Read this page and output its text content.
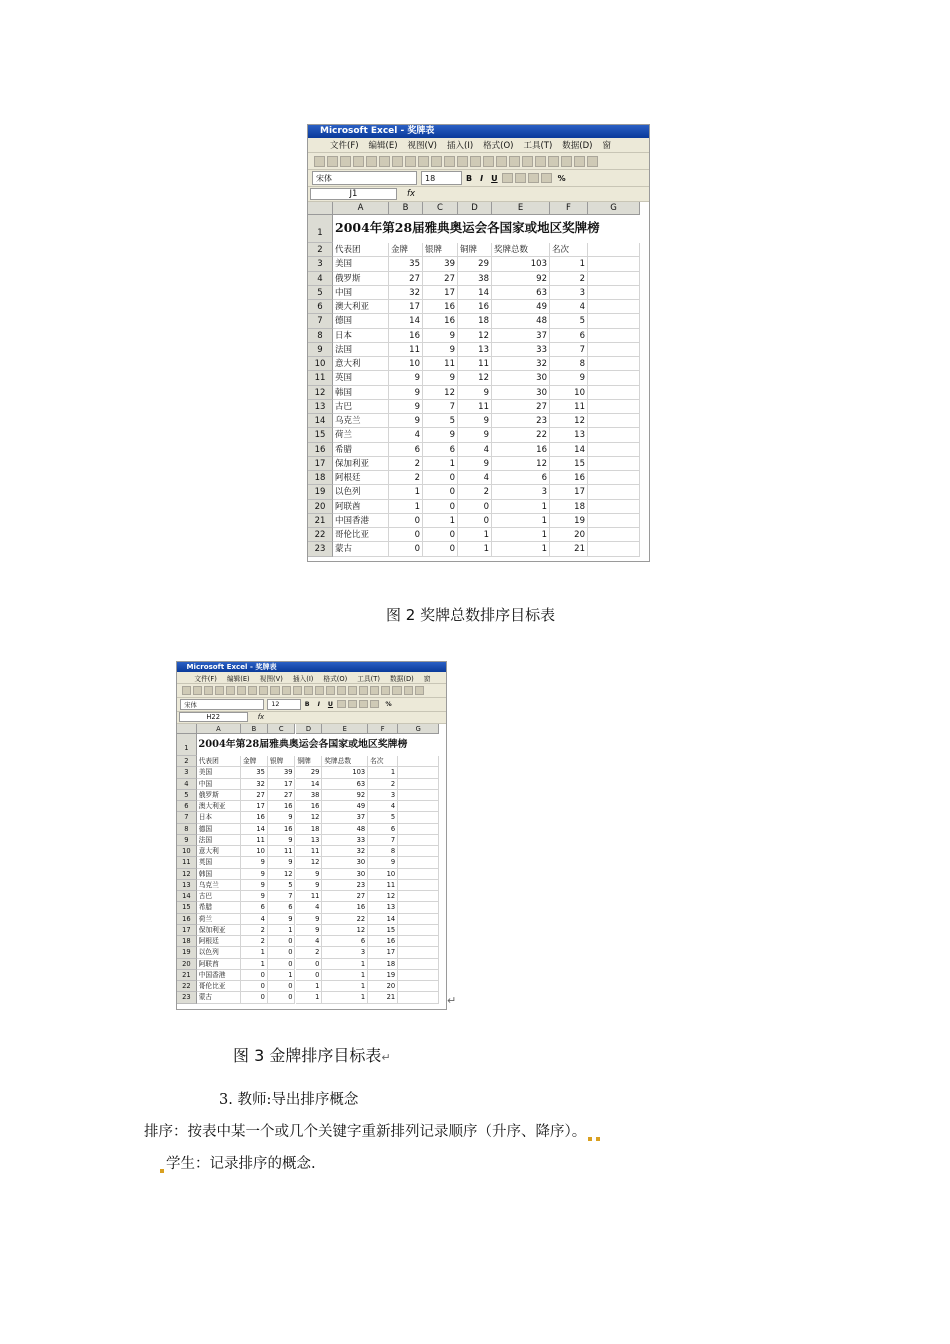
Microsoft Excel - 奖牌表
文件(F) 编辑(E) 视图(V) 插入(I) 格式(O) 工具(T) 数据(D) 窗
宋体	18	B I U	%
J1	fx
A	B	C	D	E	F	G
1 2004年第28届雅典奥运会各国家或地区奖牌榜
2	代表团	金牌	银牌	铜牌	奖牌总数	名次
3	美国	35	39	29	103	1
4	俄罗斯	27	27	38	92	2
5	中国	32	17	14	63	3
6	澳大利亚	17	16	16	49	4
7	德国	14	16	18	48	5
8	日本	16	9	12	37	6
9	法国	11	9	13	33	7
10	意大利	10	11	11	32	8
11	英国	9	9	12	30	9
12	韩国	9	12	9	30	10
13	古巴	9	7	11	27	11
14	乌克兰	9	5	9	23	12
15	荷兰	4	9	9	22	13
16	希腊	6	6	4	16	14
17	保加利亚	2	1	9	12	15
18	阿根廷	2	0	4	6	16
19	以色列	1	0	2	3	17
20	阿联酋	1	0	0	1	18
21	中国香港	0	1	0	1	19
22	哥伦比亚	0	0	1	1	20
23	蒙古	0	0	1	1	21
图 2 奖牌总数排序目标表
Microsoft Excel - 奖牌表
文件(F) 编辑(E) 视图(V) 插入(I) 格式(O) 工具(T) 数据(D) 窗
宋体	12	B I U	%
H22	fx
A	B	C	D	E	F	G
1 2004年第28届雅典奥运会各国家或地区奖牌榜
2	代表团	金牌	银牌	铜牌	奖牌总数	名次
3	美国	35	39	29	103	1
4	中国	32	17	14	63	2
5	俄罗斯	27	27	38	92	3
6	澳大利亚	17	16	16	49	4
7	日本	16	9	12	37	5
8	德国	14	16	18	48	6
9	法国	11	9	13	33	7
10	意大利	10	11	11	32	8
11	英国	9	9	12	30	9
12	韩国	9	12	9	30	10
13	乌克兰	9	5	9	23	11
14	古巴	9	7	11	27	12
15	希腊	6	6	4	16	13
16	荷兰	4	9	9	22	14
17	保加利亚	2	1	9	12	15
18	阿根廷	2	0	4	6	16
19	以色列	1	0	2	3	17
20	阿联酋	1	0	0	1	18
21	中国香港	0	1	0	1	19
22	哥伦比亚	0	0	1	1	20
23	蒙古	0	0	1	1	21	↵
图 3 金牌排序目标表↵
3. 教师:导出排序概念
排序：按表中某一个或几个关键字重新排列记录顺序（升序、降序）。
学生：记录排序的概念.
